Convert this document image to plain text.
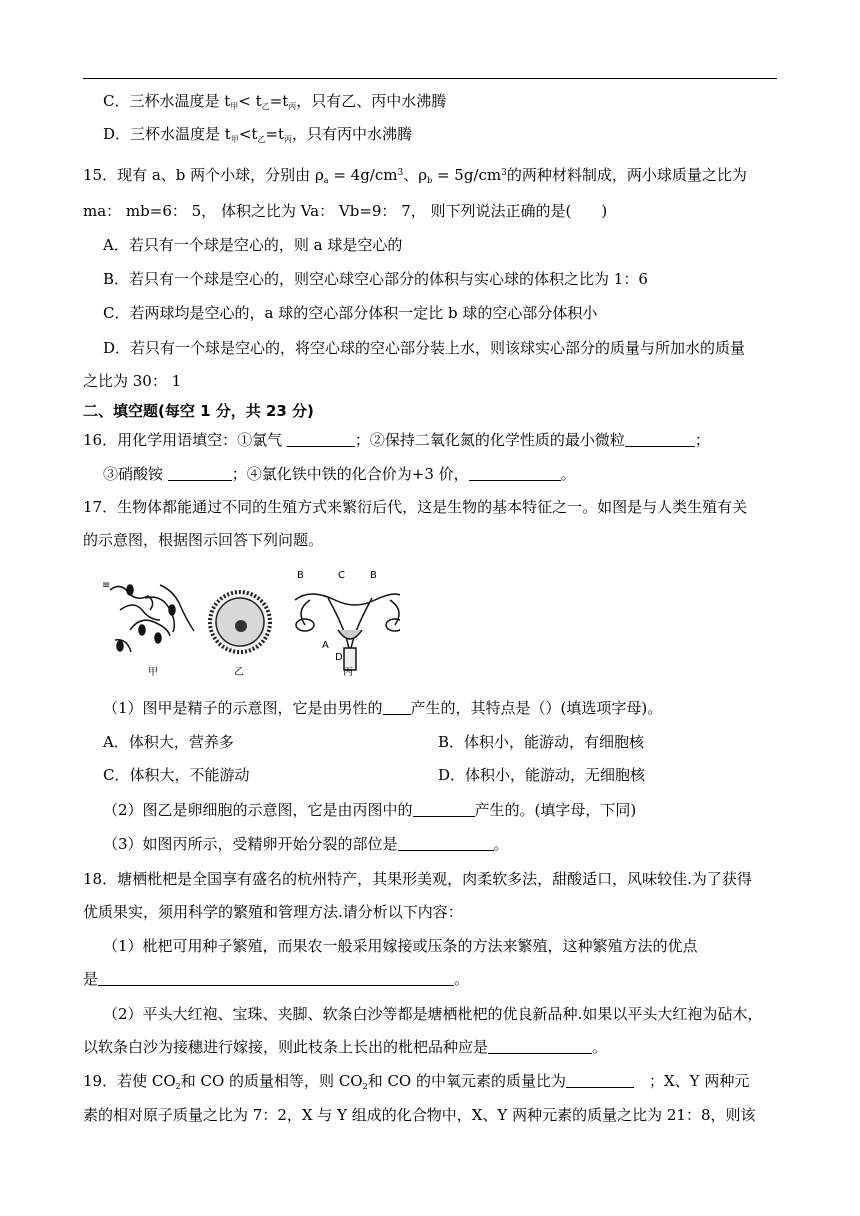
C．三杯水温度是 $t_甲< t_乙=t_丙$，只有乙、丙中水沸腾
D．三杯水温度是 $t_甲<t_乙=t_丙$，只有丙中水沸腾
15．现有 a、b 两个小球，分别由 $\rho_a = 4g/cm^3$、$\rho_b = 5g/cm^3$的两种材料制成，两小球质量之比为
ma： mb=6： 5， 体积之比为 Va： Vb=9： 7， 则下列说法正确的是(　　)
A．若只有一个球是空心的，则 a 球是空心的
B．若只有一个球是空心的，则空心球空心部分的体积与实心球的体积之比为 1：6
C．若两球均是空心的，a 球的空心部分体积一定比 b 球的空心部分体积小
D．若只有一个球是空心的，将空心球的空心部分装上水，则该球实心部分的质量与所加水的质量
之比为 30： 1
二、填空题(每空 1 分，共 23 分)
16．用化学用语填空：①氯气	；②保持二氧化氮的化学性质的最小微粒	；
③硝酸铵	；④氯化铁中铁的化合价为+3 价，	。
17．生物体都能通过不同的生殖方式来繁衍后代，这是生物的基本特征之一。如图是与人类生殖有关
的示意图，根据图示回答下列问题。
≡
甲	乙
B	C	B
A
D
丙
（1）图甲是精子的示意图，它是由男性的 产生的，其特点是（）(填选项字母)。
A．体积大，营养多	B．体积小，能游动，有细胞核
C．体积大，不能游动	D．体积小，能游动，无细胞核
（2）图乙是卵细胞的示意图，它是由丙图中的	产生的。(填字母，下同)
（3）如图丙所示，受精卵开始分裂的部位是	。
18．塘栖枇杷是全国享有盛名的杭州特产，其果形美观，肉柔软多法，甜酸适口，风味较佳.为了获得
优质果实，须用科学的繁殖和管理方法.请分析以下内容：
（1）枇杷可用种子繁殖，而果农一般采用嫁接或压条的方法来繁殖，这种繁殖方法的优点
是	。
（2）平头大红袍、宝珠、夹脚、软条白沙等都是塘栖枇杷的优良新品种.如果以平头大红袍为砧木，
以软条白沙为接穗进行嫁接，则此枝条上长出的枇杷品种应是	。
19．若使 $CO_2$和 CO 的质量相等，则 $CO_2$和 CO 的中氧元素的质量比为	　；X、Y 两种元
素的相对原子质量之比为 7：2，X 与 Y 组成的化合物中，X、Y 两种元素的质量之比为 21：8，则该
